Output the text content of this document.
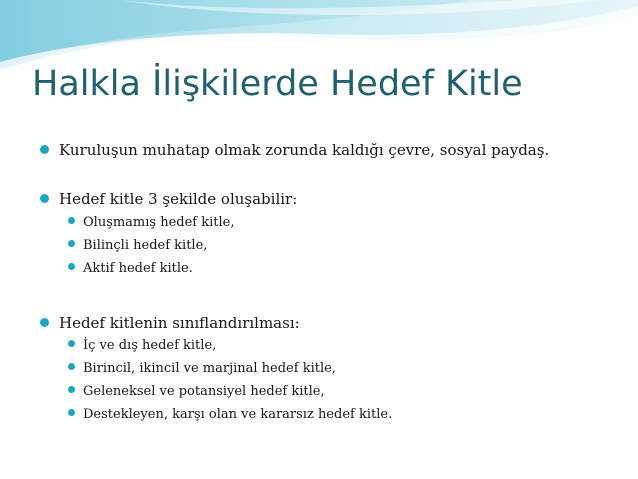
Halkla İlişkilerde Hedef Kitle
Kuruluşun muhatap olmak zorunda kaldığı çevre, sosyal paydaş.
Hedef kitle 3 şekilde oluşabilir:
Oluşmamış hedef kitle,
Bilinçli hedef kitle,
Aktif hedef kitle.
Hedef kitlenin sınıflandırılması:
İç ve dış hedef kitle,
Birincil, ikincil ve marjinal hedef kitle,
Geleneksel ve potansiyel hedef kitle,
Destekleyen, karşı olan ve kararsız hedef kitle.
